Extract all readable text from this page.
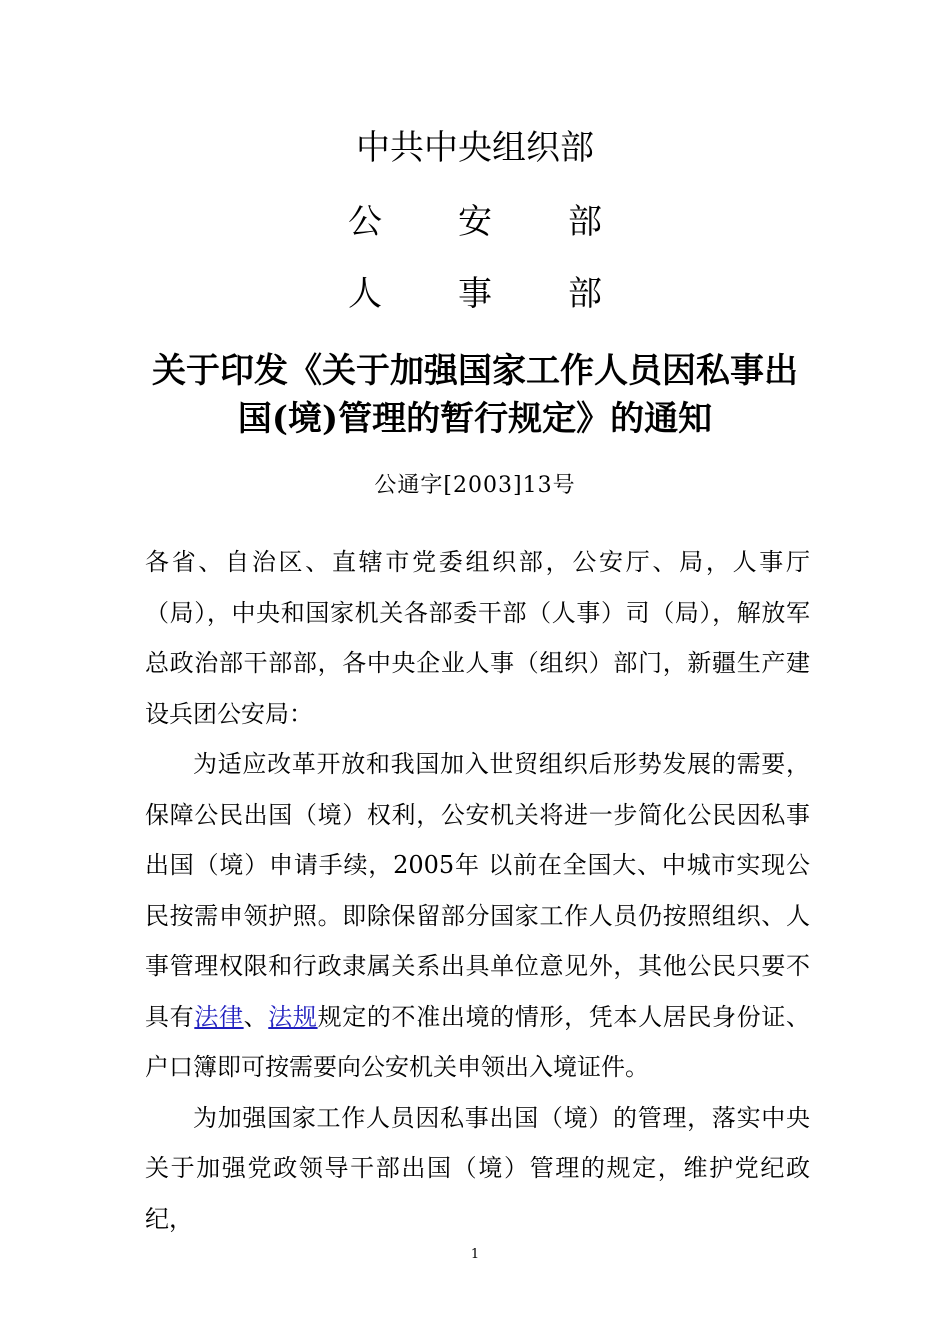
中共中央组织部
公 安 部
人 事 部
关于印发《关于加强国家工作人员因私事出
国(境)管理的暂行规定》的通知

公通字[2003]13号

各省、自治区、直辖市党委组织部，公安厅、局，人事厅（局），中央和国家机关各部委干部（人事）司（局），解放军总政治部干部部，各中央企业人事（组织）部门，新疆生产建设兵团公安局：

为适应改革开放和我国加入世贸组织后形势发展的需要，保障公民出国（境）权利，公安机关将进一步简化公民因私事出国（境）申请手续，2005年 以前在全国大、中城市实现公民按需申领护照。即除保留部分国家工作人员仍按照组织、人事管理权限和行政隶属关系出具单位意见外，其他公民只要不具有法律、法规规定的不准出境的情形，凭本人居民身份证、户口簿即可按需要向公安机关申领出入境证件。

为加强国家工作人员因私事出国（境）的管理，落实中央关于加强党政领导干部出国（境）管理的规定，维护党纪政纪，

1
